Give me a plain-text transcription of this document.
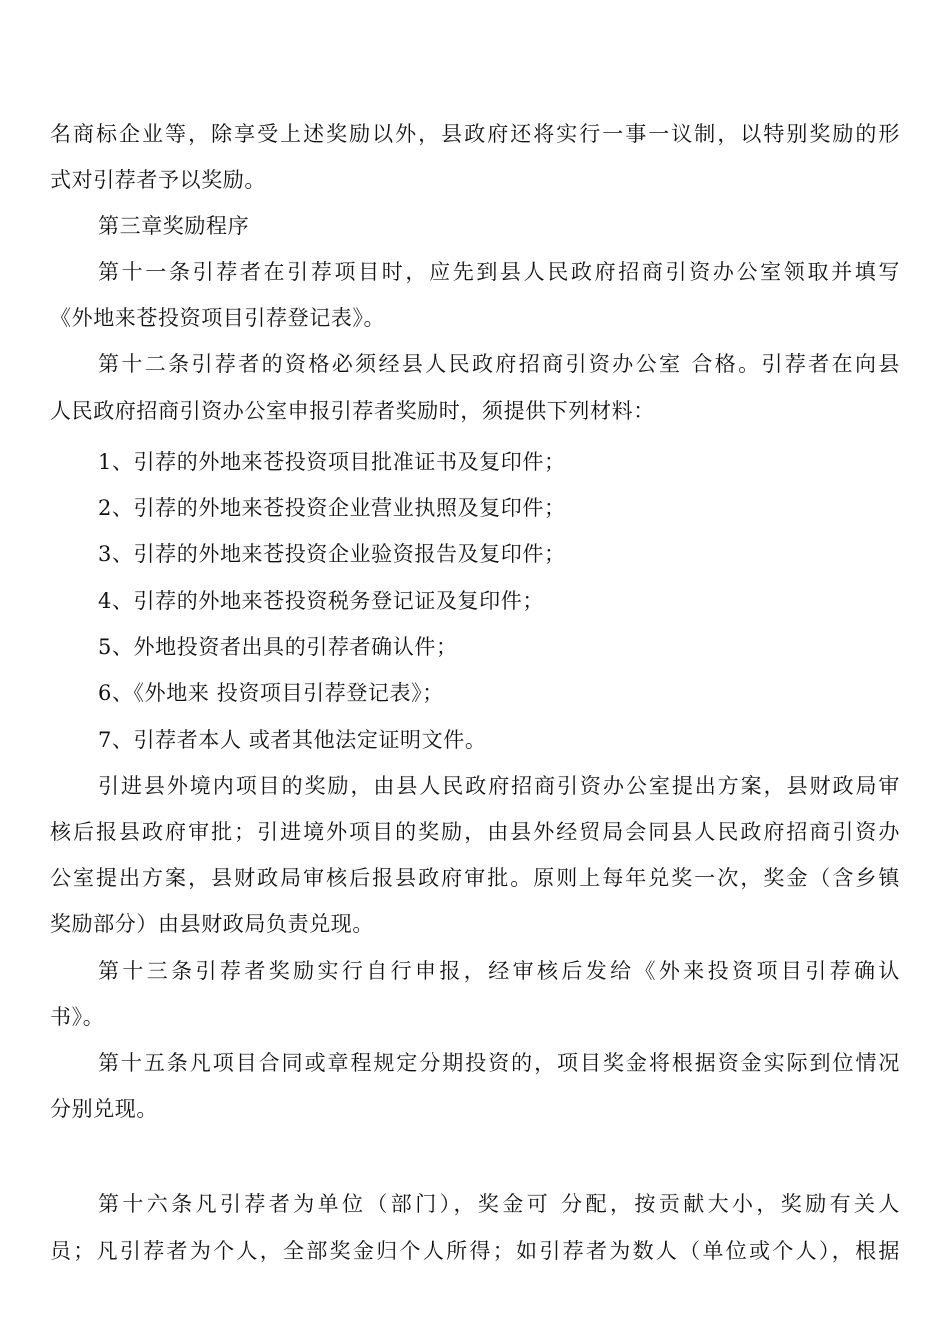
名商标企业等，除享受上述奖励以外，县政府还将实行一事一议制，以特别奖励的形
式对引荐者予以奖励。
第三章奖励程序
第十一条引荐者在引荐项目时，应先到县人民政府招商引资办公室领取并填写
《外地来苍投资项目引荐登记表》。
第十二条引荐者的资格必须经县人民政府招商引资办公室 合格。引荐者在向县
人民政府招商引资办公室申报引荐者奖励时，须提供下列材料：
1、引荐的外地来苍投资项目批准证书及复印件；
2、引荐的外地来苍投资企业营业执照及复印件；
3、引荐的外地来苍投资企业验资报告及复印件；
4、引荐的外地来苍投资税务登记证及复印件；
5、外地投资者出具的引荐者确认件；
6、《外地来 投资项目引荐登记表》；
7、引荐者本人 或者其他法定证明文件。
引进县外境内项目的奖励，由县人民政府招商引资办公室提出方案，县财政局审
核后报县政府审批；引进境外项目的奖励，由县外经贸局会同县人民政府招商引资办
公室提出方案，县财政局审核后报县政府审批。原则上每年兑奖一次，奖金（含乡镇
奖励部分）由县财政局负责兑现。
第十三条引荐者奖励实行自行申报，经审核后发给《外来投资项目引荐确认
书》。
第十五条凡项目合同或章程规定分期投资的，项目奖金将根据资金实际到位情况
分别兑现。
第十六条凡引荐者为单位（部门），奖金可 分配，按贡献大小，奖励有关人
员；凡引荐者为个人，全部奖金归个人所得；如引荐者为数人（单位或个人），根据
